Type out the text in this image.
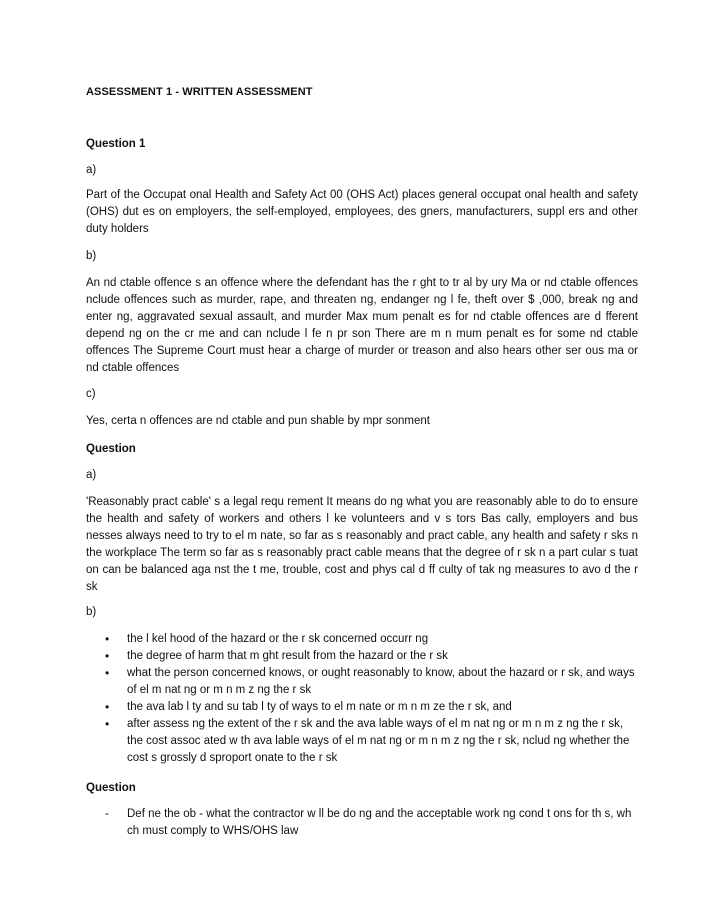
ASSESSMENT 1 - WRITTEN ASSESSMENT
Question 1

a)

Part of the Occupat onal Health and Safety Act 00 (OHS Act) places general occupat onal health and safety (OHS) dut es on employers, the self-employed, employees, des gners, manufacturers, suppl ers and other duty holders

b)

An nd ctable offence s an offence where the defendant has the r ght to tr al by ury Ma or nd ctable offences nclude offences such as murder, rape, and threaten ng, endanger ng l fe, theft over $ ,000, break ng and enter ng, aggravated sexual assault, and murder Max mum penalt es for nd ctable offences are d fferent depend ng on the cr me and can nclude l fe n pr son There are m n mum penalt es for some nd ctable offences The Supreme Court must hear a charge of murder or treason and also hears other ser ous ma or nd ctable offences

c)

Yes, certa n offences are nd ctable and pun shable by mpr sonment

Question

a)

'Reasonably pract cable' s a legal requ rement It means do ng what you are reasonably able to do to ensure the health and safety of workers and others l ke volunteers and v s tors Bas cally, employers and bus nesses always need to try to el m nate, so far as s reasonably and pract cable, any health and safety r sks n the workplace The term so far as s reasonably pract cable means that the degree of r sk n a part cular s tuat on can be balanced aga nst the t me, trouble, cost and phys cal d ff culty of tak ng measures to avo d the r sk

b)

• the l kel hood of the hazard or the r sk concerned occurr ng
• the degree of harm that m ght result from the hazard or the r sk
• what the person concerned knows, or ought reasonably to know, about the hazard or r sk, and ways of el m nat ng or m n m z ng the r sk
• the ava lab l ty and su tab l ty of ways to el m nate or m n m ze the r sk, and
• after assess ng the extent of the r sk and the ava lable ways of el m nat ng or m n m z ng the r sk, the cost assoc ated w th ava lable ways of el m nat ng or m n m z ng the r sk, nclud ng whether the cost s grossly d sproport onate to the r sk
Question
- Def ne the ob - what the contractor w ll be do ng and the acceptable work ng cond t ons for th s, wh ch must comply to WHS/OHS law
